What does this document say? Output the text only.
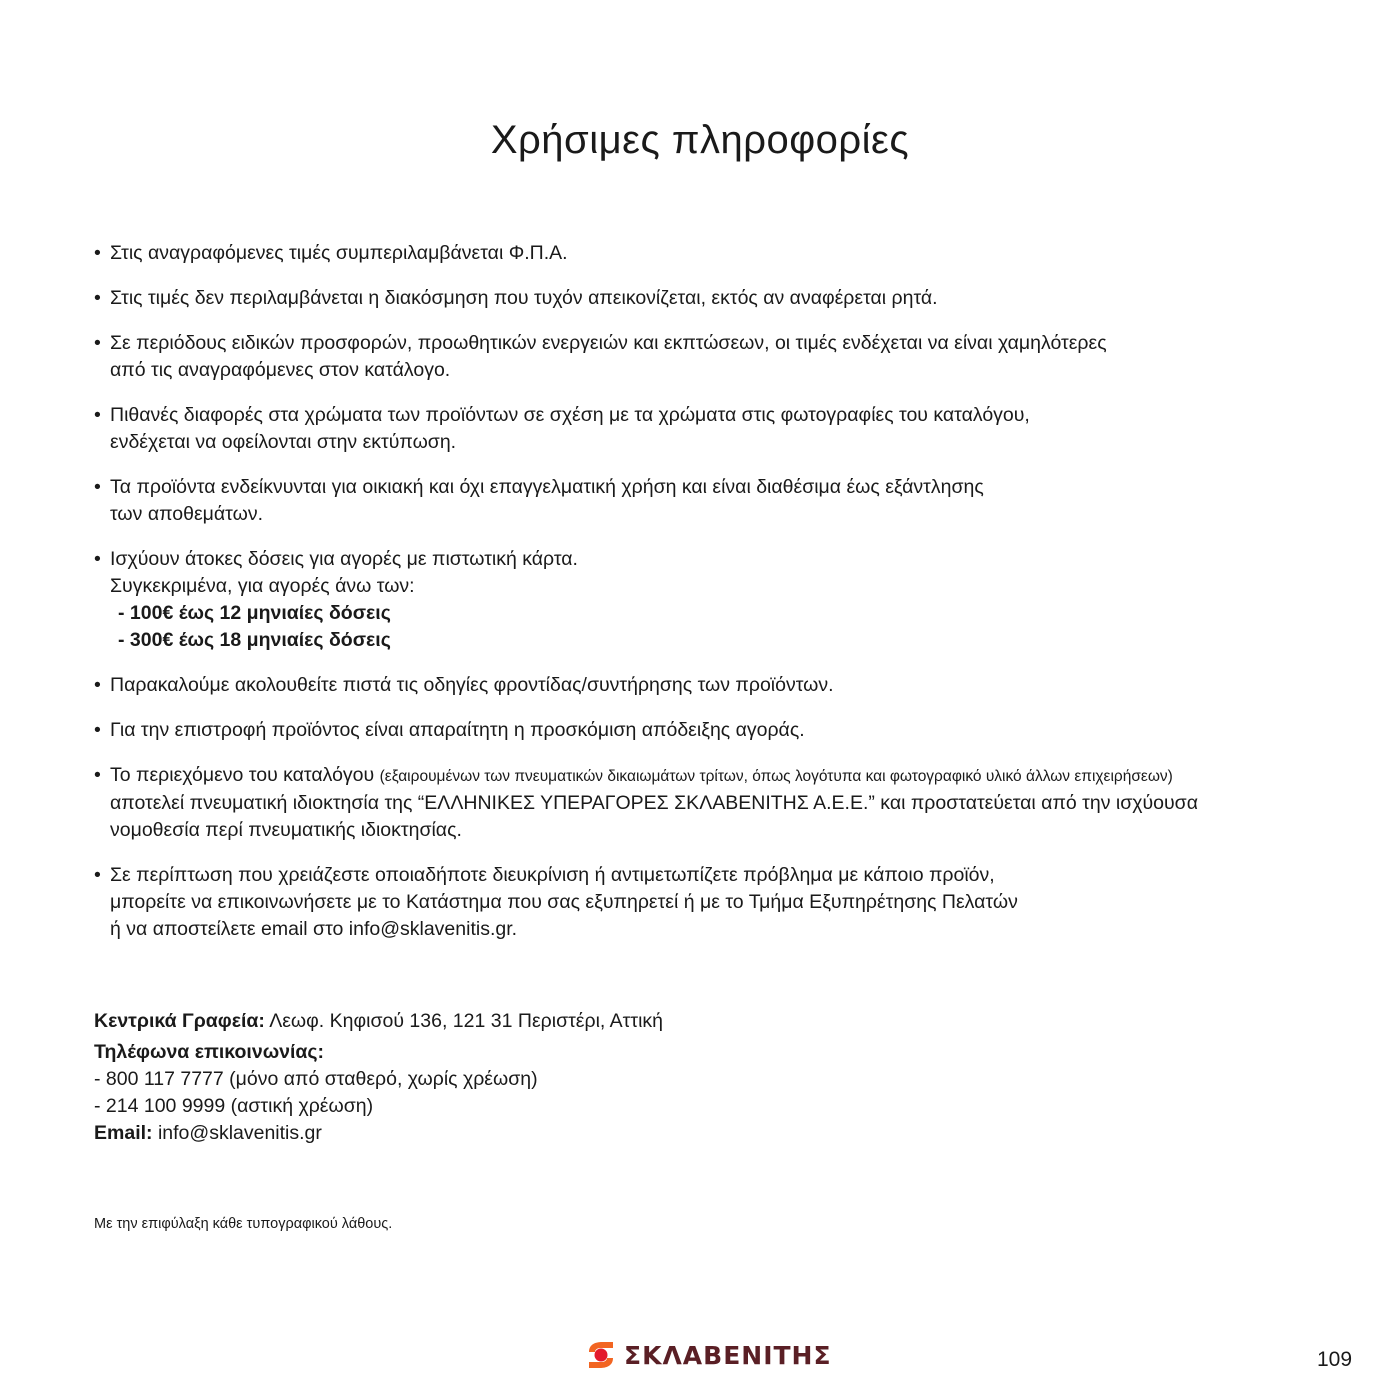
Χρήσιμες πληροφορίες
• Στις αναγραφόμενες τιμές συμπεριλαμβάνεται Φ.Π.Α.
• Στις τιμές δεν περιλαμβάνεται η διακόσμηση που τυχόν απεικονίζεται, εκτός αν αναφέρεται ρητά.
• Σε περιόδους ειδικών προσφορών, προωθητικών ενεργειών και εκπτώσεων, οι τιμές ενδέχεται να είναι χαμηλότερες
από τις αναγραφόμενες στον κατάλογο.
• Πιθανές διαφορές στα χρώματα των προϊόντων σε σχέση με τα χρώματα στις φωτογραφίες του καταλόγου,
ενδέχεται να οφείλονται στην εκτύπωση.
• Τα προϊόντα ενδείκνυνται για οικιακή και όχι επαγγελματική χρήση και είναι διαθέσιμα έως εξάντλησης
των αποθεμάτων.
• Ισχύουν άτοκες δόσεις για αγορές με πιστωτική κάρτα.
Συγκεκριμένα, για αγορές άνω των:
- 100€ έως 12 μηνιαίες δόσεις
- 300€ έως 18 μηνιαίες δόσεις
• Παρακαλούμε ακολουθείτε πιστά τις οδηγίες φροντίδας/συντήρησης των προϊόντων.
• Για την επιστροφή προϊόντος είναι απαραίτητη η προσκόμιση απόδειξης αγοράς.
• Το περιεχόμενο του καταλόγου (εξαιρουμένων των πνευματικών δικαιωμάτων τρίτων, όπως λογότυπα και φωτογραφικό υλικό άλλων επιχειρήσεων)
αποτελεί πνευματική ιδιοκτησία της “ΕΛΛΗΝΙΚΕΣ ΥΠΕΡΑΓΟΡΕΣ ΣΚΛΑΒΕΝΙΤΗΣ Α.Ε.Ε.” και προστατεύεται από την ισχύουσα
νομοθεσία περί πνευματικής ιδιοκτησίας.
• Σε περίπτωση που χρειάζεστε οποιαδήποτε διευκρίνιση ή αντιμετωπίζετε πρόβλημα με κάποιο προϊόν,
μπορείτε να επικοινωνήσετε με το Κατάστημα που σας εξυπηρετεί ή με το Τμήμα Εξυπηρέτησης Πελατών
ή να αποστείλετε email στο info@sklavenitis.gr.
Κεντρικά Γραφεία: Λεωφ. Κηφισού 136, 121 31 Περιστέρι, Αττική
Τηλέφωνα επικοινωνίας:
- 800 117 7777 (μόνο από σταθερό, χωρίς χρέωση)
- 214 100 9999 (αστική χρέωση)
Email: info@sklavenitis.gr
Με την επιφύλαξη κάθε τυπογραφικού λάθους.
ΣΚΛΑΒΕΝΙΤΗΣ	109
